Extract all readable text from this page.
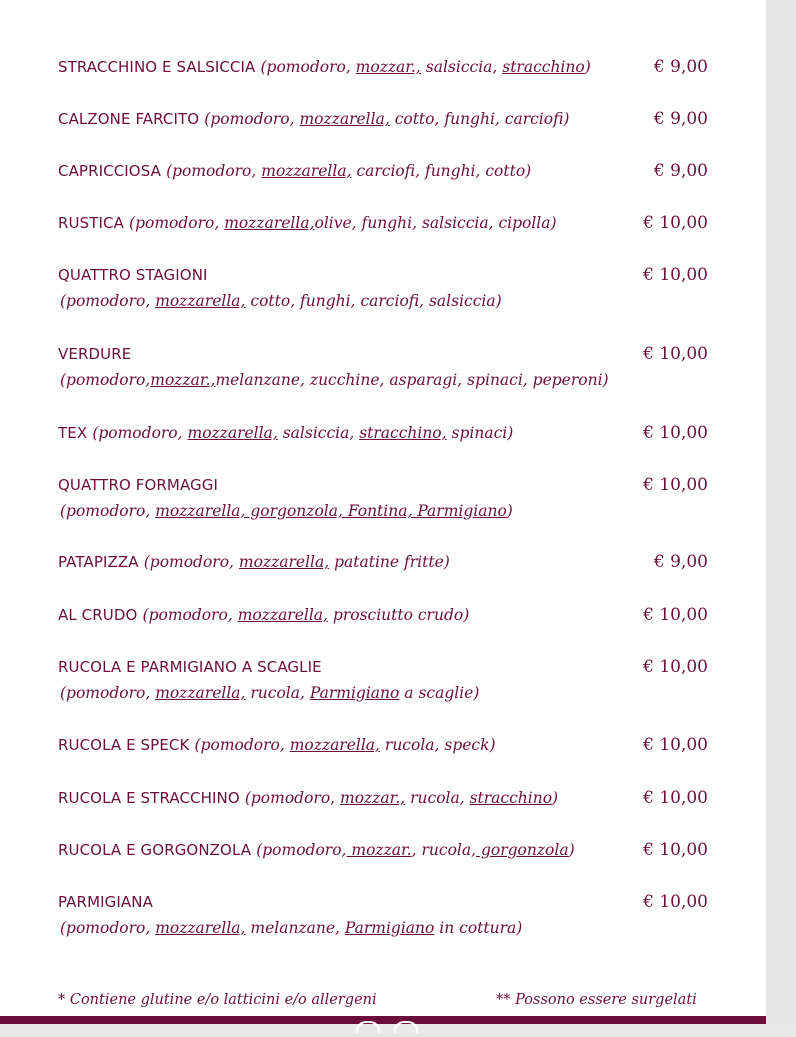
STRACCHINO E SALSICCIA (pomodoro, mozzar., salsiccia, stracchino)	€ 9,00
CALZONE FARCITO (pomodoro, mozzarella, cotto, funghi, carciofi)	€ 9,00
CAPRICCIOSA (pomodoro, mozzarella, carciofi, funghi, cotto)	€ 9,00
RUSTICA (pomodoro, mozzarella,olive, funghi, salsiccia, cipolla)	€ 10,00
QUATTRO STAGIONI	€ 10,00
(pomodoro, mozzarella, cotto, funghi, carciofi, salsiccia)
VERDURE	€ 10,00
(pomodoro,mozzar.,melanzane, zucchine, asparagi, spinaci, peperoni)
TEX (pomodoro, mozzarella, salsiccia, stracchino, spinaci)	€ 10,00
QUATTRO FORMAGGI	€ 10,00
(pomodoro, mozzarella, gorgonzola, Fontina, Parmigiano)
PATAPIZZA (pomodoro, mozzarella, patatine fritte)	€ 9,00
AL CRUDO (pomodoro, mozzarella, prosciutto crudo)	€ 10,00
RUCOLA E PARMIGIANO A SCAGLIE	€ 10,00
(pomodoro, mozzarella, rucola, Parmigiano a scaglie)
RUCOLA E SPECK (pomodoro, mozzarella, rucola, speck)	€ 10,00
RUCOLA E STRACCHINO (pomodoro, mozzar., rucola, stracchino)	€ 10,00
RUCOLA E GORGONZOLA (pomodoro, mozzar., rucola, gorgonzola)	€ 10,00
PARMIGIANA	€ 10,00
(pomodoro, mozzarella, melanzane, Parmigiano in cottura)
* Contiene glutine e/o latticini e/o allergeni	** Possono essere surgelati
